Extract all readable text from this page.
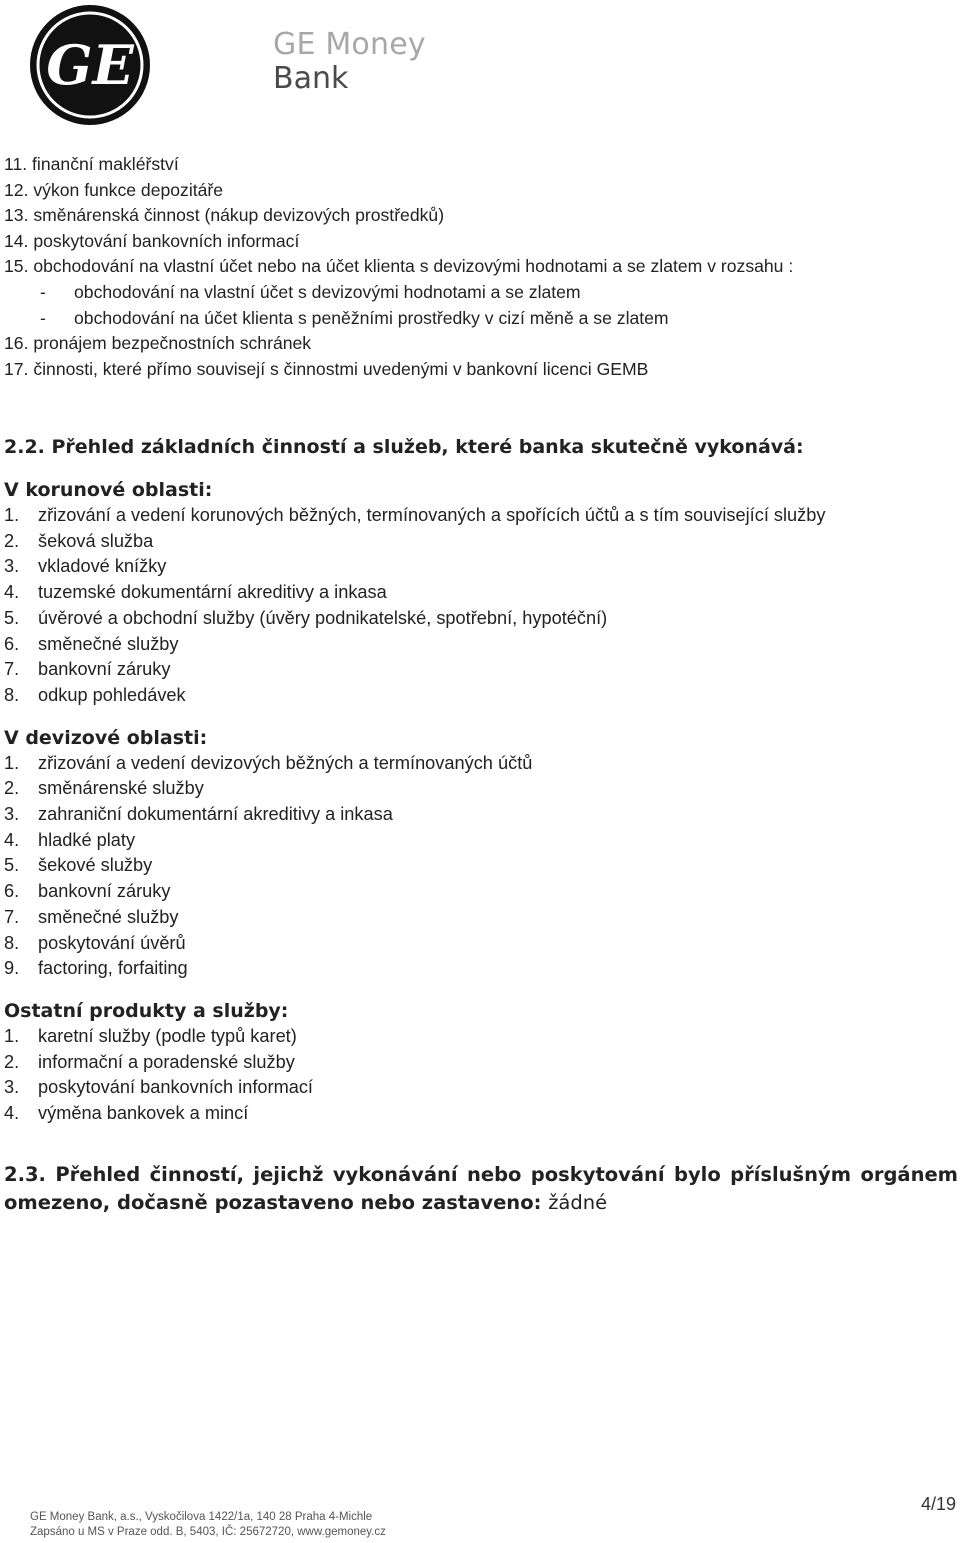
GE	GE Money
Bank
11. finanční makléřství
12. výkon funkce depozitáře
13. směnárenská činnost (nákup devizových prostředků)
14. poskytování bankovních informací
15. obchodování na vlastní účet nebo na účet klienta s devizovými hodnotami a se zlatem v rozsahu :
- obchodování na vlastní účet s devizovými hodnotami a se zlatem
- obchodování na účet klienta s peněžními prostředky v cizí měně a se zlatem
16. pronájem bezpečnostních schránek
17. činnosti, které přímo souvisejí s činnostmi uvedenými v bankovní licenci GEMB
2.2. Přehled základních činností a služeb, které banka skutečně vykonává:
V korunové oblasti:
1. zřizování a vedení korunových běžných, termínovaných a spořících účtů a s tím související služby
2. šeková služba
3. vkladové knížky
4. tuzemské dokumentární akreditivy a inkasa
5. úvěrové a obchodní služby (úvěry podnikatelské, spotřební, hypotéční)
6. směnečné služby
7. bankovní záruky
8. odkup pohledávek
V devizové oblasti:
1. zřizování a vedení devizových běžných a termínovaných účtů
2. směnárenské služby
3. zahraniční dokumentární akreditivy a inkasa
4. hladké platy
5. šekové služby
6. bankovní záruky
7. směnečné služby
8. poskytování úvěrů
9. factoring, forfaiting
Ostatní produkty a služby:
1. karetní služby (podle typů karet)
2. informační a poradenské služby
3. poskytování bankovních informací
4. výměna bankovek a mincí
2.3. Přehled činností, jejichž vykonávání nebo poskytování bylo příslušným orgánem omezeno, dočasně pozastaveno nebo zastaveno: žádné
GE Money Bank, a.s., Vyskočilova 1422/1a, 140 28 Praha 4-Michle
Zapsáno u MS v Praze odd. B, 5403, IČ: 25672720, www.gemoney.cz
4/19
